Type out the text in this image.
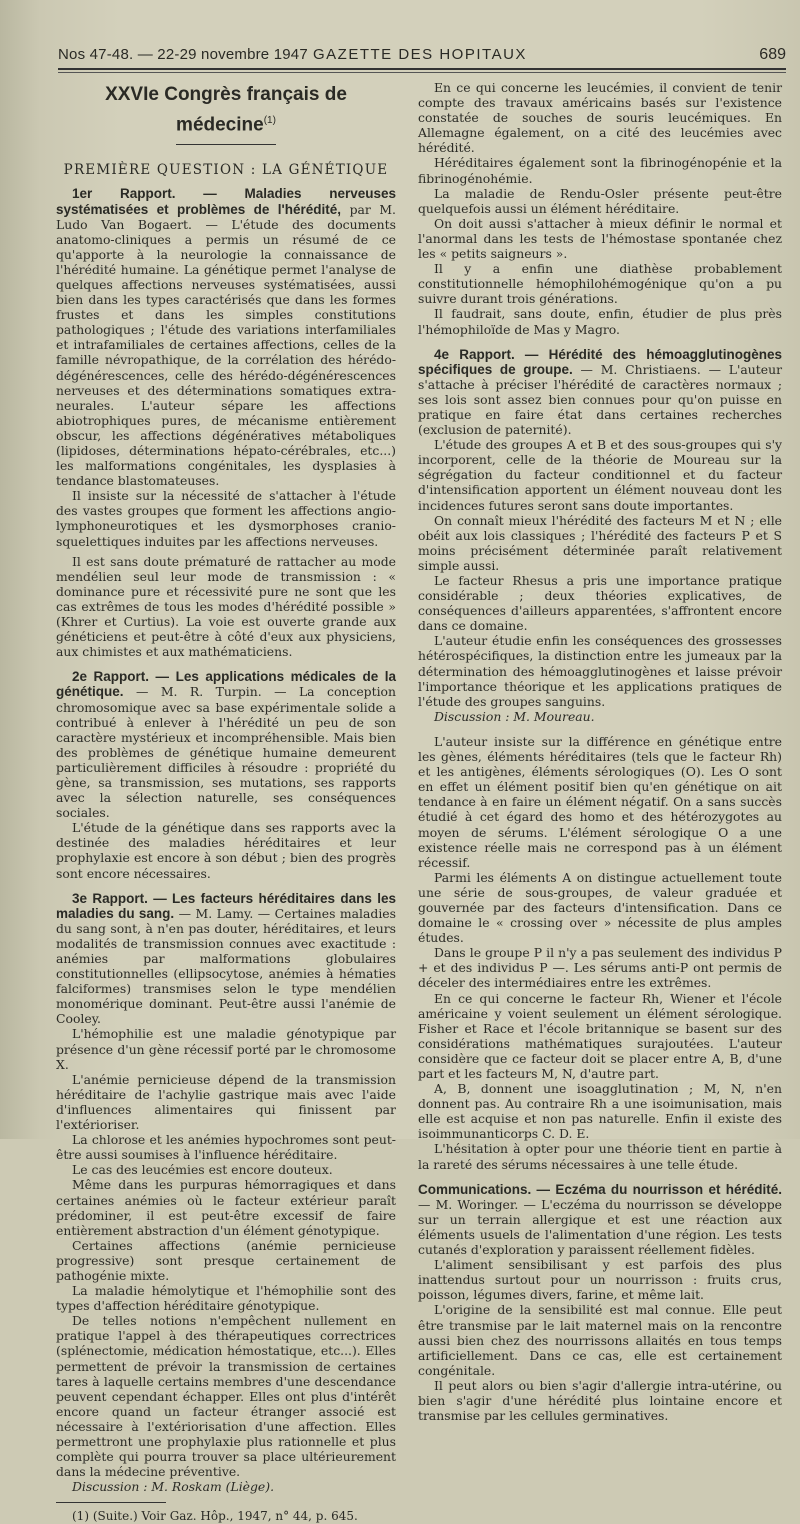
Nos 47-48. — 22-29 novembre 1947 GAZETTE DES HOPITAUX	689
XXVIe Congrès français de médecine$^{(1)}$
PREMIÈRE QUESTION : LA GÉNÉTIQUE

1er Rapport. — Maladies nerveuses systématisées et problèmes de l'hérédité, par M. Ludo Van Bogaert. — L'étude des documents anatomo-cliniques a permis un résumé de ce qu'apporte à la neurologie la connaissance de l'hérédité humaine. La génétique permet l'analyse de quelques affections nerveuses systématisées, aussi bien dans les types caractérisés que dans les formes frustes et dans les simples constitutions pathologiques ; l'étude des variations interfamiliales et intrafamiliales de certaines affections, celles de la famille névropathique, de la corrélation des hérédo-dégénérescences, celle des hérédo-dégénérescences nerveuses et des déterminations somatiques extra-neurales. L'auteur sépare les affections abiotrophiques pures, de mécanisme entièrement obscur, les affections dégénératives métaboliques (lipidoses, déterminations hépato-cérébrales, etc...) les malformations congénitales, les dysplasies à tendance blastomateuses.

Il insiste sur la nécessité de s'attacher à l'étude des vastes groupes que forment les affections angio-lymphoneurotiques et les dysmorphoses cranio-squelettiques induites par les affections nerveuses.

Il est sans doute prématuré de rattacher au mode mendélien seul leur mode de transmission : « dominance pure et récessivité pure ne sont que les cas extrêmes de tous les modes d'hérédité possible » (Khrer et Curtius). La voie est ouverte grande aux généticiens et peut-être à côté d'eux aux physiciens, aux chimistes et aux mathématiciens.

2e Rapport. — Les applications médicales de la génétique. — M. R. Turpin. — La conception chromosomique avec sa base expérimentale solide a contribué à enlever à l'hérédité un peu de son caractère mystérieux et incompréhensible. Mais bien des problèmes de génétique humaine demeurent particulièrement difficiles à résoudre : propriété du gène, sa transmission, ses mutations, ses rapports avec la sélection naturelle, ses conséquences sociales.

L'étude de la génétique dans ses rapports avec la destinée des maladies héréditaires et leur prophylaxie est encore à son début ; bien des progrès sont encore nécessaires.

3e Rapport. — Les facteurs héréditaires dans les maladies du sang. — M. Lamy. — Certaines maladies du sang sont, à n'en pas douter, héréditaires, et leurs modalités de transmission connues avec exactitude : anémies par malformations globulaires constitutionnelles (ellipsocytose, anémies à hématies falciformes) transmises selon le type mendélien monomérique dominant. Peut-être aussi l'anémie de Cooley.

L'hémophilie est une maladie génotypique par présence d'un gène récessif porté par le chromosome X.

L'anémie pernicieuse dépend de la transmission héréditaire de l'achylie gastrique mais avec l'aide d'influences alimentaires qui finissent par l'extérioriser.

La chlorose et les anémies hypochromes sont peut-être aussi soumises à l'influence héréditaire.

Le cas des leucémies est encore douteux.

Même dans les purpuras hémorragiques et dans certaines anémies où le facteur extérieur paraît prédominer, il est peut-être excessif de faire entièrement abstraction d'un élément génotypique.

Certaines affections (anémie pernicieuse progressive) sont presque certainement de pathogénie mixte.

La maladie hémolytique et l'hémophilie sont des types d'affection héréditaire génotypique.

De telles notions n'empêchent nullement en pratique l'appel à des thérapeutiques correctrices (splénectomie, médication hémostatique, etc...). Elles permettent de prévoir la transmission de certaines tares à laquelle certains membres d'une descendance peuvent cependant échapper. Elles ont plus d'intérêt encore quand un facteur étranger associé est nécessaire à l'extériorisation d'une affection. Elles permettront une prophylaxie plus rationnelle et plus complète qui pourra trouver sa place ultérieurement dans la médecine préventive.

Discussion : M. Roskam (Liège).

(1) (Suite.) Voir Gaz. Hôp., 1947, n° 44, p. 645.

En ce qui concerne les leucémies, il convient de tenir compte des travaux américains basés sur l'existence constatée de souches de souris leucémiques. En Allemagne également, on a cité des leucémies avec hérédité.

Héréditaires également sont la fibrinogénopénie et la fibrinogénohémie.

La maladie de Rendu-Osler présente peut-être quelquefois aussi un élément héréditaire.

On doit aussi s'attacher à mieux définir le normal et l'anormal dans les tests de l'hémostase spontanée chez les « petits saigneurs ».

Il y a enfin une diathèse probablement constitutionnelle hémophilohémogénique qu'on a pu suivre durant trois générations.

Il faudrait, sans doute, enfin, étudier de plus près l'hémophiloïde de Mas y Magro.

4e Rapport. — Hérédité des hémoagglutinogènes spécifiques de groupe. — M. Christiaens. — L'auteur s'attache à préciser l'hérédité de caractères normaux ; ses lois sont assez bien connues pour qu'on puisse en pratique en faire état dans certaines recherches (exclusion de paternité).

L'étude des groupes A et B et des sous-groupes qui s'y incorporent, celle de la théorie de Moureau sur la ségrégation du facteur conditionnel et du facteur d'intensification apportent un élément nouveau dont les incidences futures seront sans doute importantes.

On connaît mieux l'hérédité des facteurs M et N ; elle obéit aux lois classiques ; l'hérédité des facteurs P et S moins précisément déterminée paraît relativement simple aussi.

Le facteur Rhesus a pris une importance pratique considérable ; deux théories explicatives, de conséquences d'ailleurs apparentées, s'affrontent encore dans ce domaine.

L'auteur étudie enfin les conséquences des grossesses hétérospécifiques, la distinction entre les jumeaux par la détermination des hémoagglutinogènes et laisse prévoir l'importance théorique et les applications pratiques de l'étude des groupes sanguins.

Discussion : M. Moureau.

L'auteur insiste sur la différence en génétique entre les gènes, éléments héréditaires (tels que le facteur Rh) et les antigènes, éléments sérologiques (O). Les O sont en effet un élément positif bien qu'en génétique on ait tendance à en faire un élément négatif. On a sans succès étudié à cet égard des homo et des hétérozygotes au moyen de sérums. L'élément sérologique O a une existence réelle mais ne correspond pas à un élément récessif.

Parmi les éléments A on distingue actuellement toute une série de sous-groupes, de valeur graduée et gouvernée par des facteurs d'intensification. Dans ce domaine le « crossing over » nécessite de plus amples études.

Dans le groupe P il n'y a pas seulement des individus P + et des individus P —. Les sérums anti-P ont permis de déceler des intermédiaires entre les extrêmes.

En ce qui concerne le facteur Rh, Wiener et l'école américaine y voient seulement un élément sérologique. Fisher et Race et l'école britannique se basent sur des considérations mathématiques surajoutées. L'auteur considère que ce facteur doit se placer entre A, B, d'une part et les facteurs M, N, d'autre part.

A, B, donnent une isoagglutination ; M, N, n'en donnent pas. Au contraire Rh a une isoimunisation, mais elle est acquise et non pas naturelle. Enfin il existe des isoimmunanticorps C. D. E.

L'hésitation à opter pour une théorie tient en partie à la rareté des sérums nécessaires à une telle étude.

Communications. — Eczéma du nourrisson et hérédité. — M. Woringer. — L'eczéma du nourrisson se développe sur un terrain allergique et est une réaction aux éléments usuels de l'alimentation d'une région. Les tests cutanés d'exploration y paraissent réellement fidèles.

L'aliment sensibilisant y est parfois des plus inattendus surtout pour un nourrisson : fruits crus, poisson, légumes divers, farine, et même lait.

L'origine de la sensibilité est mal connue. Elle peut être transmise par le lait maternel mais on la rencontre aussi bien chez des nourrissons allaités en tous temps artificiellement. Dans ce cas, elle est certainement congénitale.

Il peut alors ou bien s'agir d'allergie intra-utérine, ou bien s'agir d'une hérédité plus lointaine encore et transmise par les cellules germinatives.
